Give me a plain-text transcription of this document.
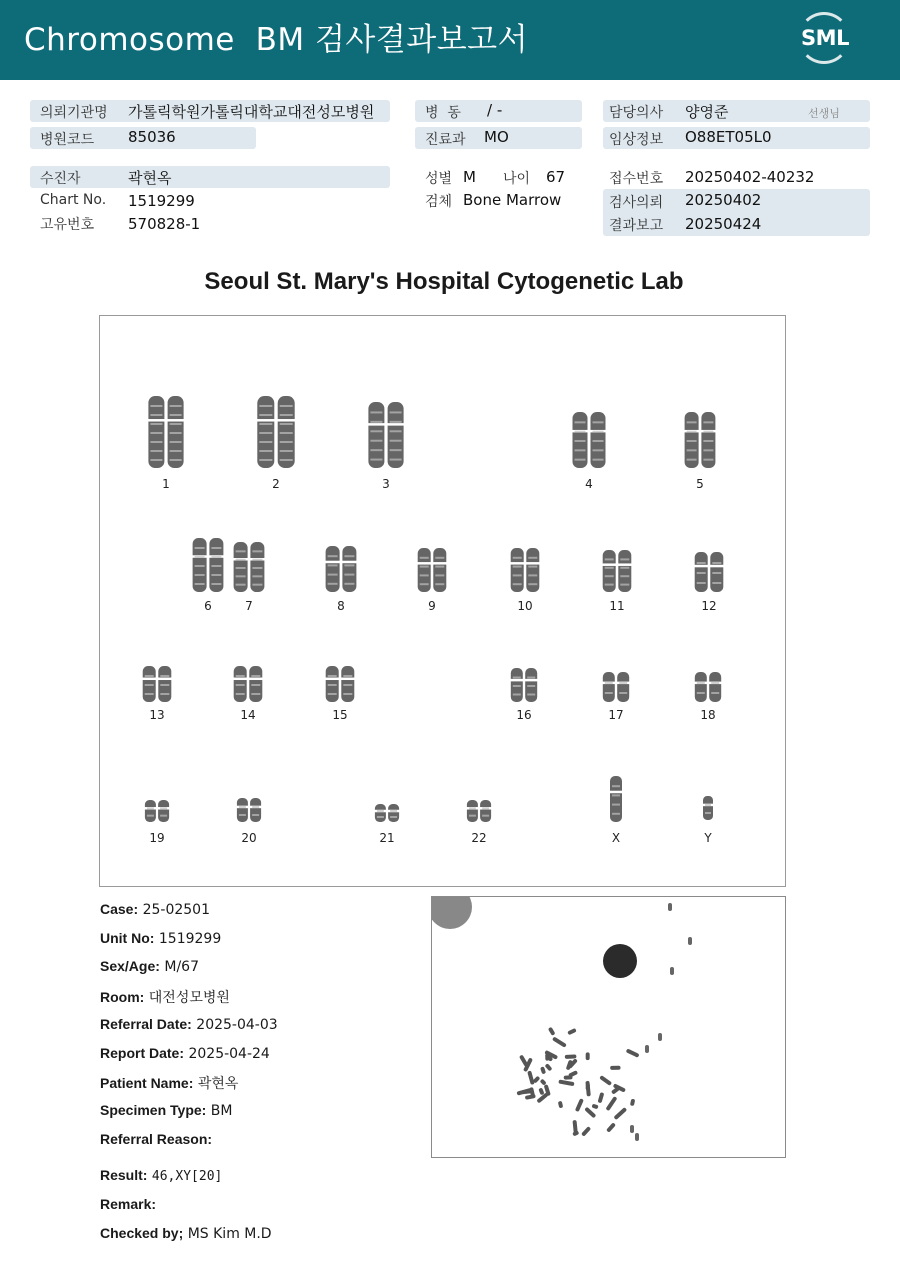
Chromosome  BM 검사결과보고서	SML
의뢰기관명 가톨릭학원가톨릭대학교대전성모병원
병원코드 85036
수진자	곽현옥
Chart No. 1519299
고유번호 570828-1
병  동 / -
진료과 MO
성별 M 나이 67
검체 Bone Marrow
담당의사 양영준	선생님
임상정보 O88ET05L0
접수번호 20250402-40232
검사의뢰 20250402
결과보고 20250424
Seoul St. Mary's Hospital Cytogenetic Lab
1	2	3	4	5
6	7	8	9	10	11	12
13	14	15	16	17	18
19	20	21	22	X	Y
Case: 25-02501
Unit No: 1519299
Sex/Age: M/67
Room: 대전성모병원
Referral Date: 2025-04-03
Report Date: 2025-04-24
Patient Name: 곽현옥
Specimen Type: BM
Referral Reason:
Result: 46,XY[20]
Remark:
Checked by; MS Kim M.D
